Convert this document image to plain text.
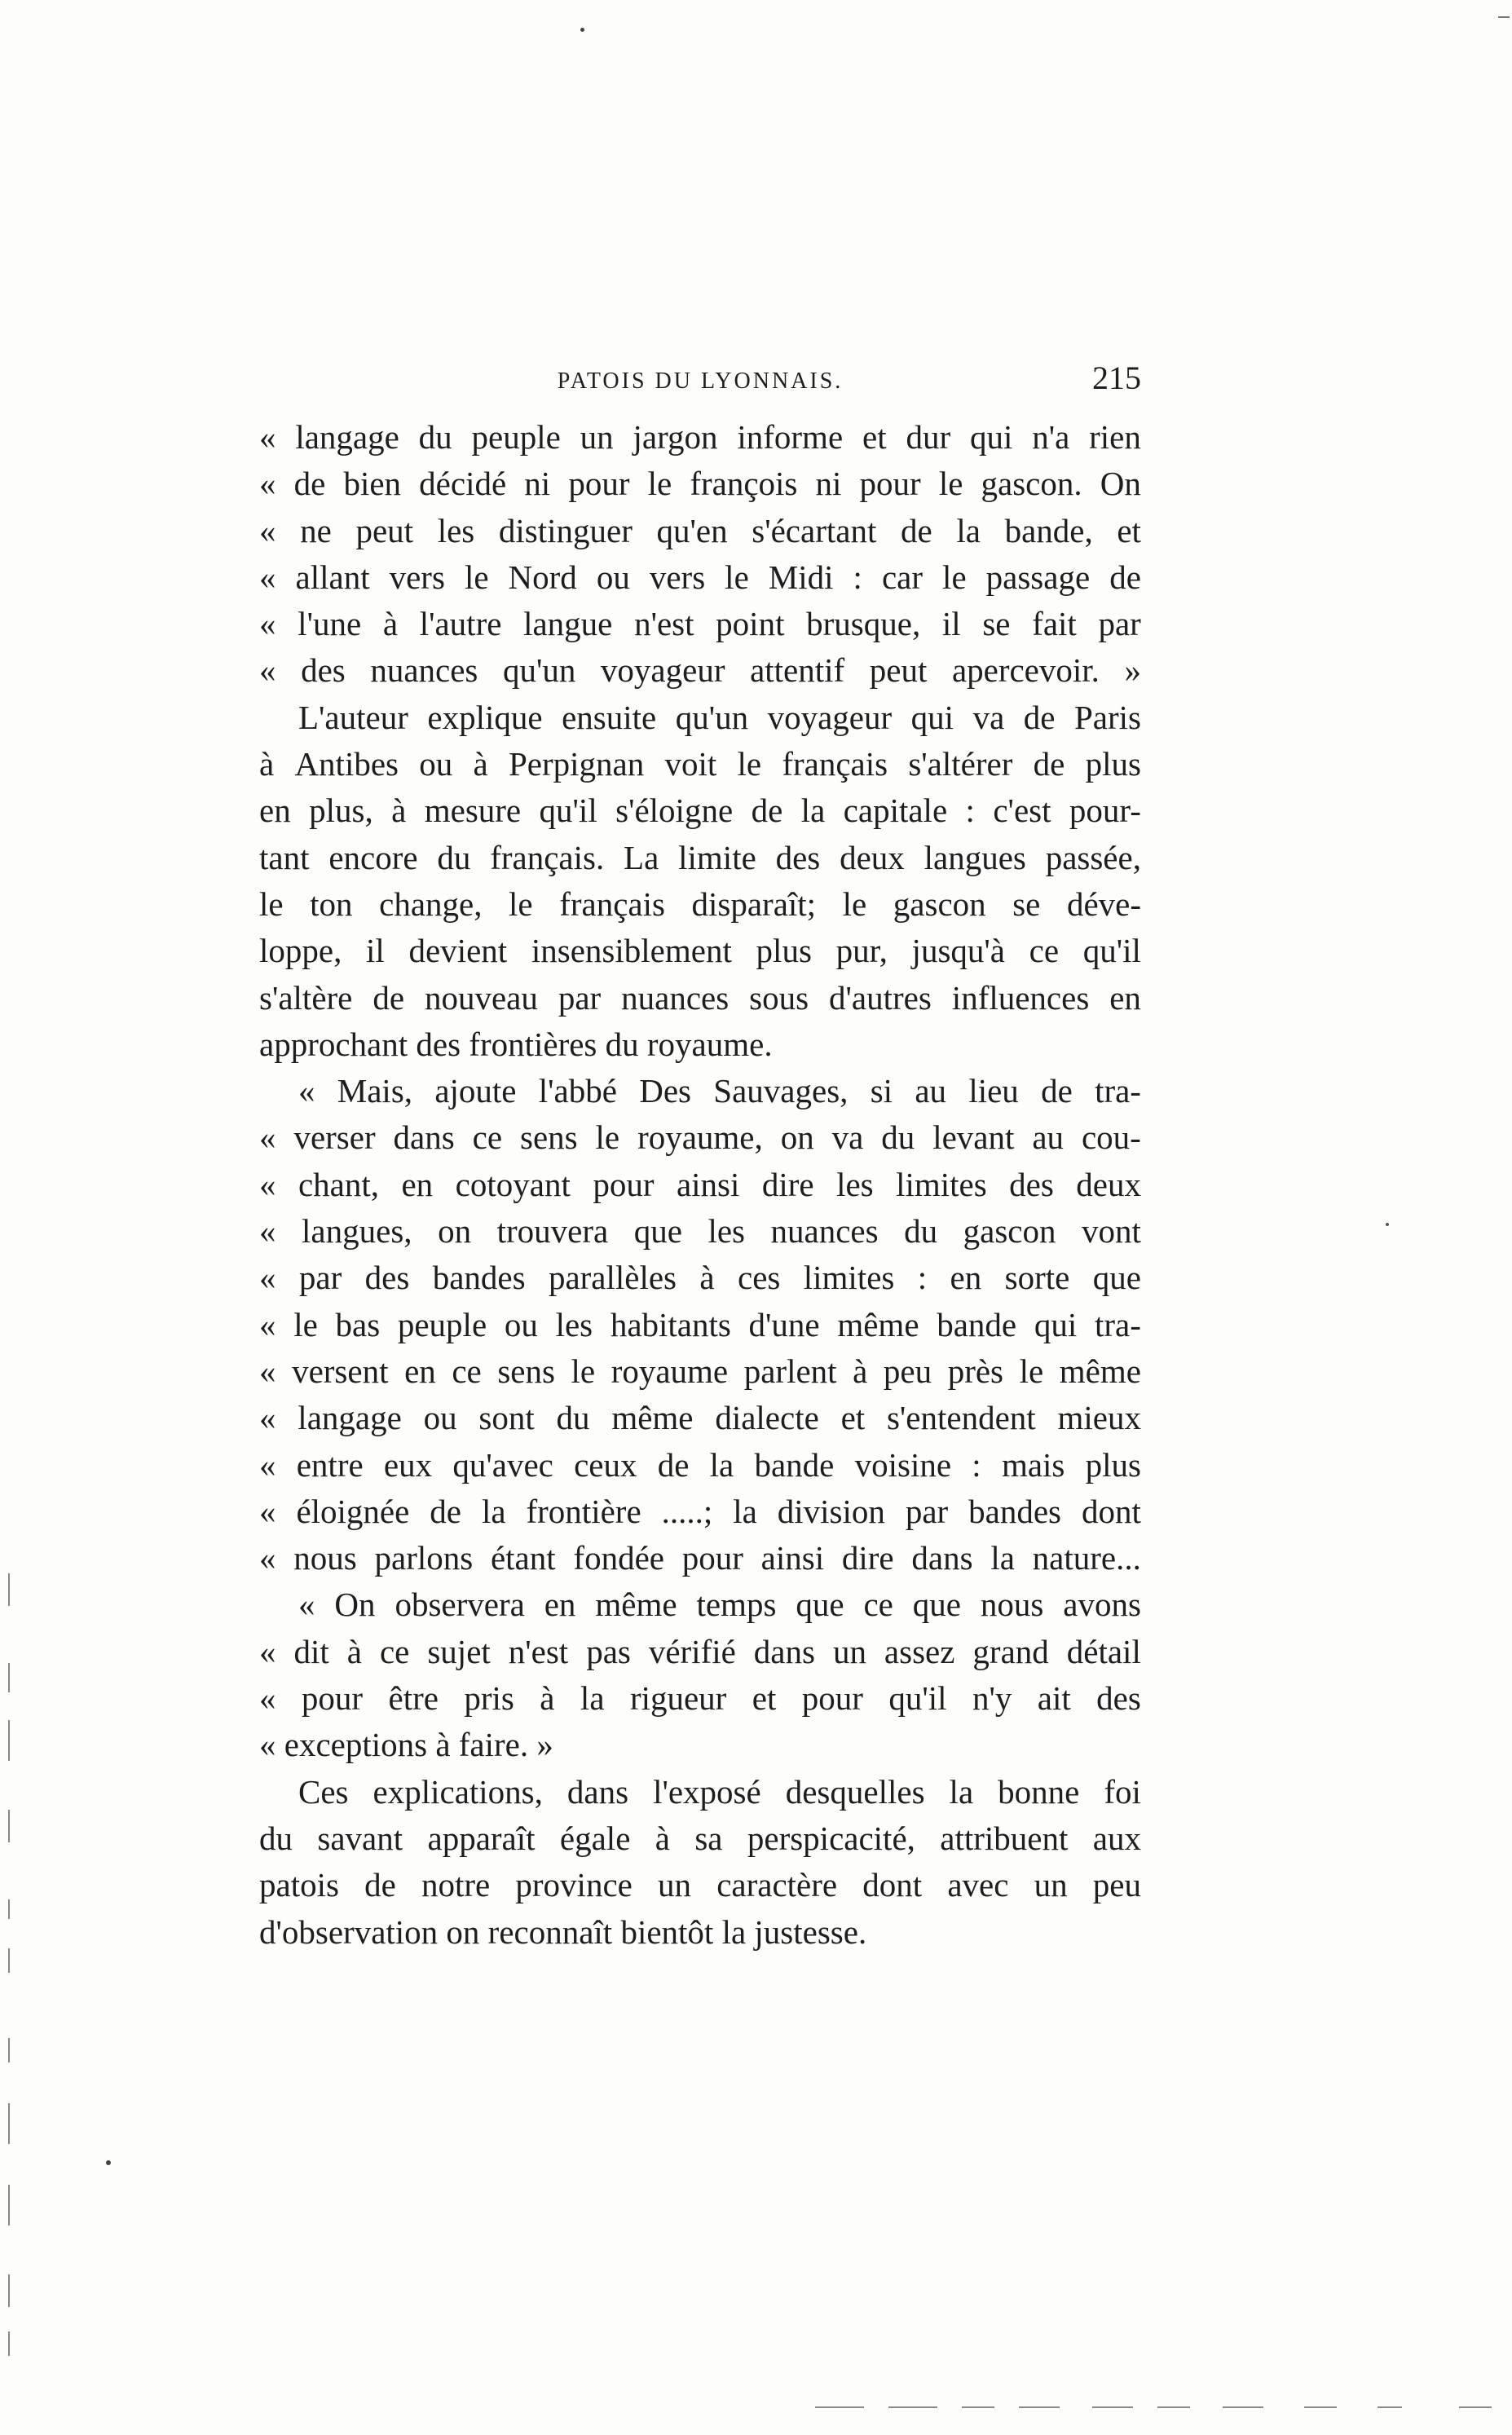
PATOIS DU LYONNAIS.	215
« langage du peuple un jargon informe et dur qui n'a rien
« de bien décidé ni pour le françois ni pour le gascon. On
« ne peut les distinguer qu'en s'écartant de la bande, et
« allant vers le Nord ou vers le Midi : car le passage de
« l'une à l'autre langue n'est point brusque, il se fait par
« des nuances qu'un voyageur attentif peut apercevoir. »
L'auteur explique ensuite qu'un voyageur qui va de Paris
à Antibes ou à Perpignan voit le français s'altérer de plus
en plus, à mesure qu'il s'éloigne de la capitale : c'est pour-
tant encore du français. La limite des deux langues passée,
le ton change, le français disparaît; le gascon se déve-
loppe, il devient insensiblement plus pur, jusqu'à ce qu'il
s'altère de nouveau par nuances sous d'autres influences en
approchant des frontières du royaume.
« Mais, ajoute l'abbé Des Sauvages, si au lieu de tra-
« verser dans ce sens le royaume, on va du levant au cou-
« chant, en cotoyant pour ainsi dire les limites des deux
« langues, on trouvera que les nuances du gascon vont
« par des bandes parallèles à ces limites : en sorte que
« le bas peuple ou les habitants d'une même bande qui tra-
« versent en ce sens le royaume parlent à peu près le même
« langage ou sont du même dialecte et s'entendent mieux
« entre eux qu'avec ceux de la bande voisine : mais plus
« éloignée de la frontière .....; la division par bandes dont
« nous parlons étant fondée pour ainsi dire dans la nature...
« On observera en même temps que ce que nous avons
« dit à ce sujet n'est pas vérifié dans un assez grand détail
« pour être pris à la rigueur et pour qu'il n'y ait des
« exceptions à faire. »
Ces explications, dans l'exposé desquelles la bonne foi
du savant apparaît égale à sa perspicacité, attribuent aux
patois de notre province un caractère dont avec un peu
d'observation on reconnaît bientôt la justesse.
